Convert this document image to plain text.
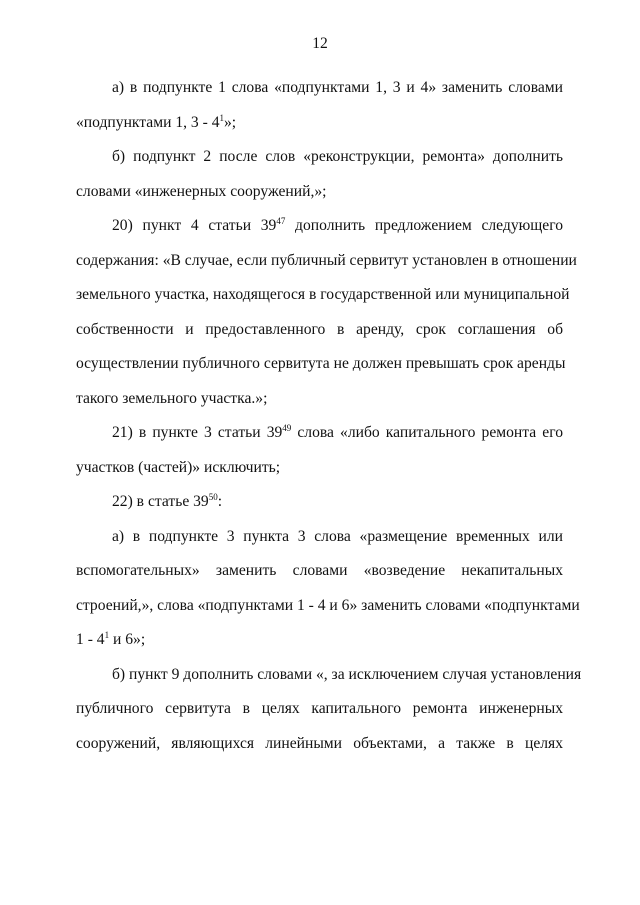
12
а) в подпункте 1 слова «подпунктами 1, 3 и 4» заменить словами
«подпунктами 1, $3 - 4^1$»;
б) подпункт 2 после слов «реконструкции, ремонта» дополнить
словами «инженерных сооружений,»;
20) пункт 4 статьи $39^{47}$ дополнить предложением следующего
содержания: «В случае, если публичный сервитут установлен в отношении
земельного участка, находящегося в государственной или муниципальной
собственности и предоставленного в аренду, срок соглашения об
осуществлении публичного сервитута не должен превышать срок аренды
такого земельного участка.»;
21) в пункте 3 статьи $39^{49}$ слова «либо капитального ремонта его
участков (частей)» исключить;
22) в статье $39^{50}$:
а) в подпункте 3 пункта 3 слова «размещение временных или
вспомогательных» заменить словами «возведение некапитальных
строений,», слова «подпунктами 1 - 4 и 6» заменить словами «подпунктами
$1 - 4^1$ и 6»;
б) пункт 9 дополнить словами «, за исключением случая установления
публичного сервитута в целях капитального ремонта инженерных
сооружений, являющихся линейными объектами, а также в целях
